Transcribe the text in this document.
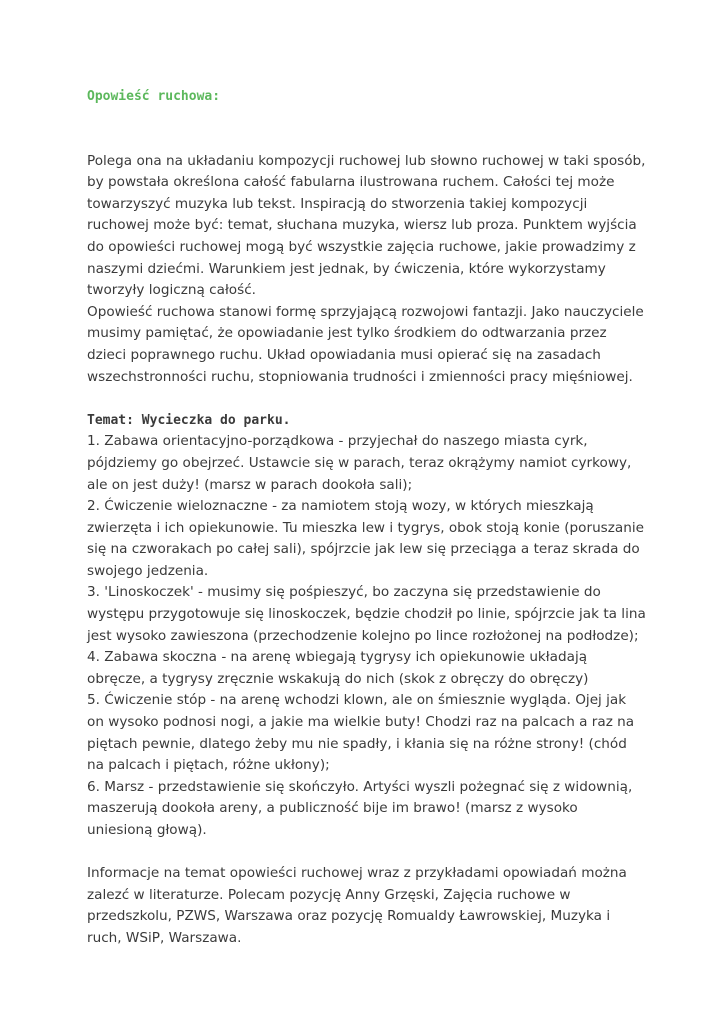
Opowieść ruchowa:

Polega ona na układaniu kompozycji ruchowej lub słowno ruchowej w taki sposób, by powstała określona całość fabularna ilustrowana ruchem. Całości tej może towarzyszyć muzyka lub tekst. Inspiracją do stworzenia takiej kompozycji ruchowej może być: temat, słuchana muzyka, wiersz lub proza. Punktem wyjścia do opowieści ruchowej mogą być wszystkie zajęcia ruchowe, jakie prowadzimy z naszymi dziećmi. Warunkiem jest jednak, by ćwiczenia, które wykorzystamy tworzyły logiczną całość.

Opowieść ruchowa stanowi formę sprzyjającą rozwojowi fantazji. Jako nauczyciele musimy pamiętać, że opowiadanie jest tylko środkiem do odtwarzania przez dzieci poprawnego ruchu. Układ opowiadania musi opierać się na zasadach wszechstronności ruchu, stopniowania trudności i zmienności pracy mięśniowej.

Temat: Wycieczka do parku.

1. Zabawa orientacyjno-porządkowa - przyjechał do naszego miasta cyrk, pójdziemy go obejrzeć. Ustawcie się w parach, teraz okrążymy namiot cyrkowy, ale on jest duży! (marsz w parach dookoła sali);

2. Ćwiczenie wieloznaczne - za namiotem stoją wozy, w których mieszkają zwierzęta i ich opiekunowie. Tu mieszka lew i tygrys, obok stoją konie (poruszanie się na czworakach po całej sali), spójrzcie jak lew się przeciąga a teraz skrada do swojego jedzenia.

3. 'Linoskoczek' - musimy się pośpieszyć, bo zaczyna się przedstawienie do występu przygotowuje się linoskoczek, będzie chodził po linie, spójrzcie jak ta lina jest wysoko zawieszona (przechodzenie kolejno po lince rozłożonej na podłodze);

4. Zabawa skoczna - na arenę wbiegają tygrysy ich opiekunowie układają obręcze, a tygrysy zręcznie wskakują do nich (skok z obręczy do obręczy)

5. Ćwiczenie stóp - na arenę wchodzi klown, ale on śmiesznie wygląda. Ojej jak on wysoko podnosi nogi, a jakie ma wielkie buty! Chodzi raz na palcach a raz na piętach pewnie, dlatego żeby mu nie spadły, i kłania się na różne strony! (chód na palcach i piętach, różne ukłony);

6. Marsz - przedstawienie się skończyło. Artyści wyszli pożegnać się z widownią, maszerują dookoła areny, a publiczność bije im brawo! (marsz z wysoko uniesioną głową).

Informacje na temat opowieści ruchowej wraz z przykładami opowiadań można zalezć w literaturze. Polecam pozycję Anny Grzęski, Zajęcia ruchowe w przedszkolu, PZWS, Warszawa oraz pozycję Romualdy Ławrowskiej, Muzyka i ruch, WSiP, Warszawa.
